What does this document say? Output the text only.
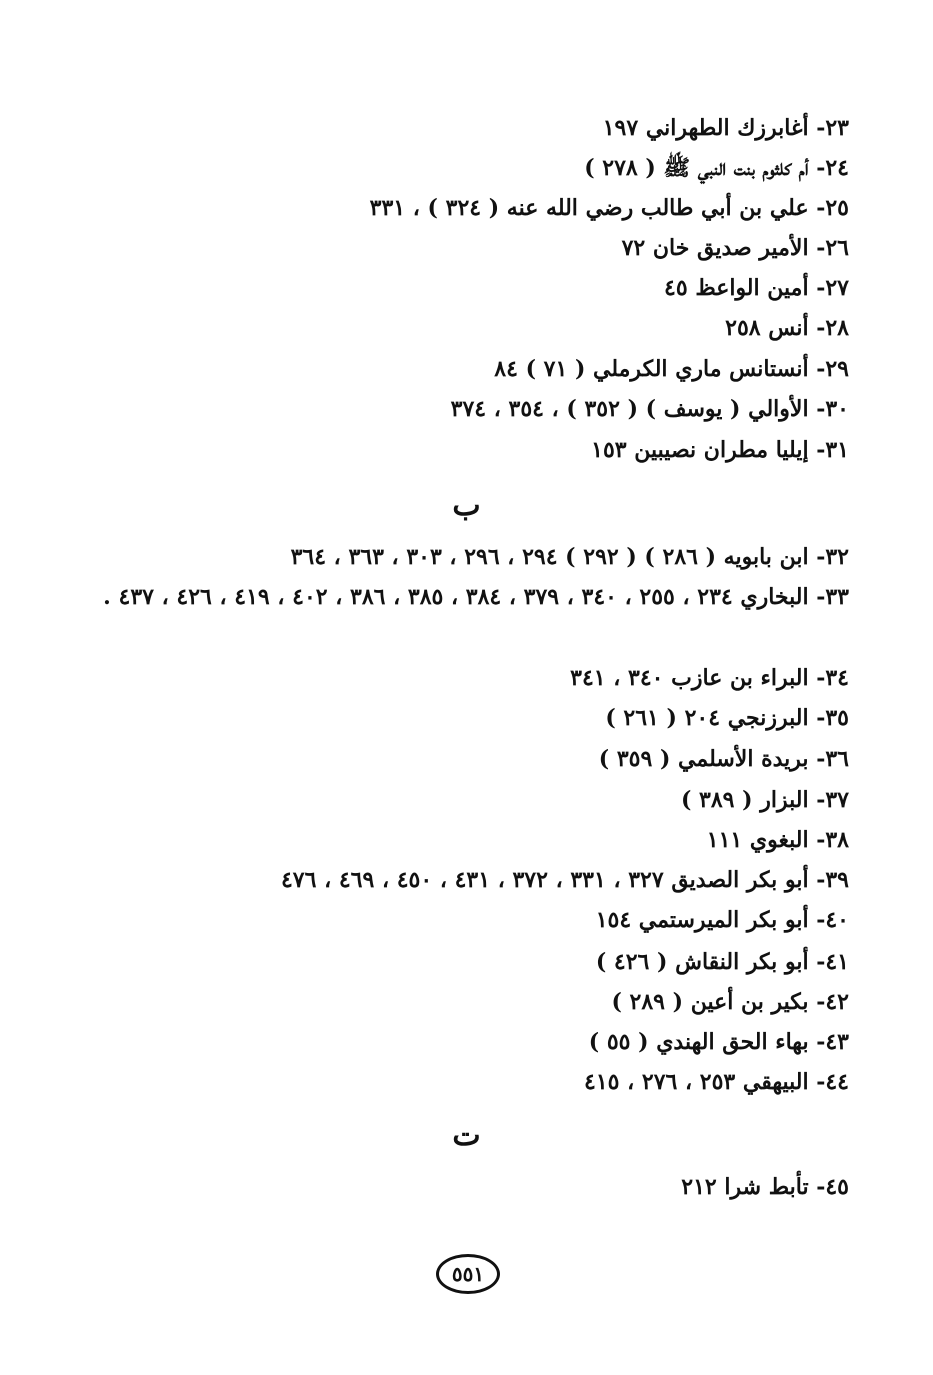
٢٣- أغابرزك الطهراني ١٩٧
٢٤- أم كلثوم بنت النبي ﷺ ( ٢٧٨ )
٢٥- علي بن أبي طالب رضي الله عنه ( ٣٢٤ ) ، ٣٣١
٢٦- الأمير صديق خان ٧٢
٢٧- أمين الواعظ ٤٥
٢٨- أنس ٢٥٨
٢٩- أنستانس ماري الكرملي ( ٧١ ) ٨٤
٣٠- الأوالي ( يوسف ) ( ٣٥٢ ) ، ٣٥٤ ، ٣٧٤
٣١- إيليا مطران نصيبين ١٥٣
ب
٣٢- ابن بابويه ( ٢٨٦ ) ( ٢٩٢ ) ٢٩٤ ، ٢٩٦ ، ٣٠٣ ، ٣٦٣ ، ٣٦٤
٣٣- البخاري ٢٣٤ ، ٢٥٥ ، ٣٤٠ ، ٣٧٩ ، ٣٨٤ ، ٣٨٥ ، ٣٨٦ ، ٤٠٢ ، ٤١٩ ، ٤٢٦ ، ٤٣٧ .
٣٤- البراء بن عازب ٣٤٠ ، ٣٤١
٣٥- البرزنجي ٢٠٤ ( ٢٦١ )
٣٦- بريدة الأسلمي ( ٣٥٩ )
٣٧- البزار ( ٣٨٩ )
٣٨- البغوي ١١١
٣٩- أبو بكر الصديق ٣٢٧ ، ٣٣١ ، ٣٧٢ ، ٤٣١ ، ٤٥٠ ، ٤٦٩ ، ٤٧٦
٤٠- أبو بكر الميرستمي ١٥٤
٤١- أبو بكر النقاش ( ٤٢٦ )
٤٢- بكير بن أعين ( ٢٨٩ )
٤٣- بهاء الحق الهندي ( ٥٥ )
٤٤- البيهقي ٢٥٣ ، ٢٧٦ ، ٤١٥
ت
٤٥- تأبط شرا ٢١٢
٥٥١
